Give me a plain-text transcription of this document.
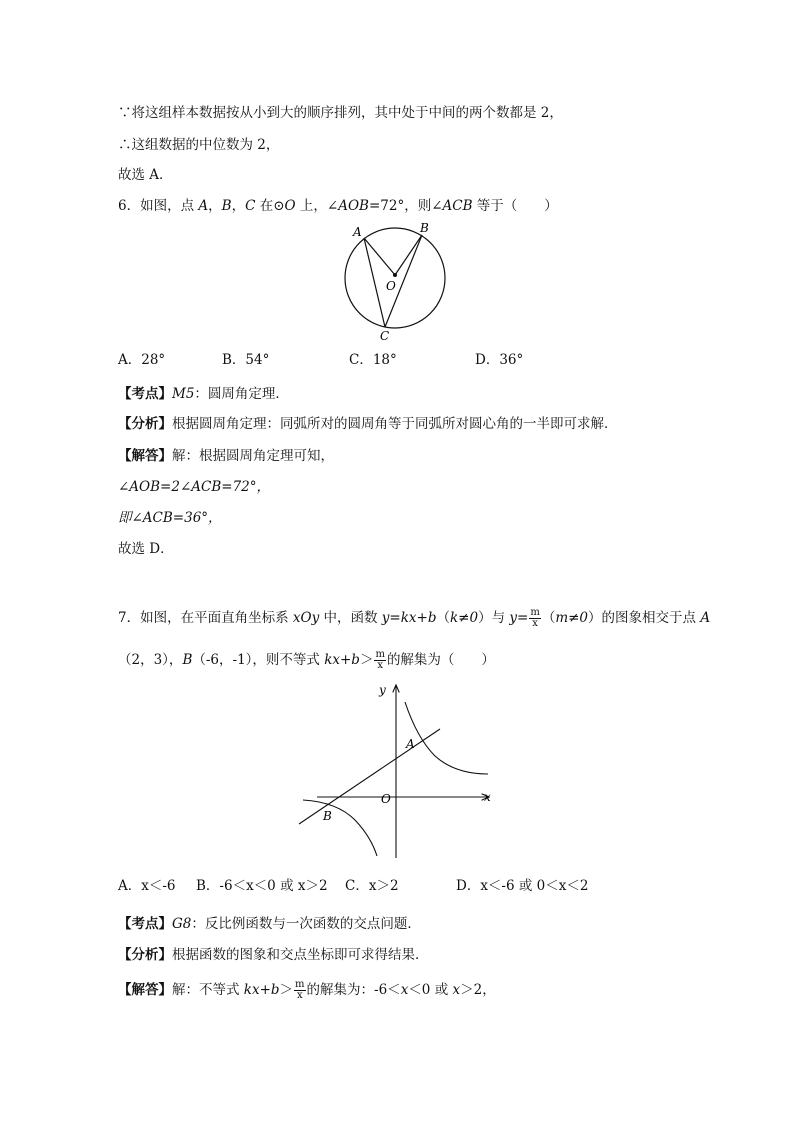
∵将这组样本数据按从小到大的顺序排列，其中处于中间的两个数都是 2，
∴这组数据的中位数为 2，
故选 A．
6．如图，点 A，B，C 在⊙O 上，∠AOB=72°，则∠ACB 等于（　　）
A	B
O
C
A．28°	B．54°	C．18°	D．36°
【考点】M5：圆周角定理．
【分析】根据圆周角定理：同弧所对的圆周角等于同弧所对圆心角的一半即可求解．
【解答】解：根据圆周角定理可知，
∠AOB=2∠ACB=72°，
即∠ACB=36°，
故选 D．
7．如图，在平面直角坐标系 xOy 中，函数 y=kx+b（k≠0）与 $y= \frac{m}{x} (m\ne 0)$的图象相交于点 A
（2，3），B（-6，-1），则不等式 $kx+b> \frac{m}{x}$ 的解集为（　　）
y
x
O
A
B
A．x＜-6 B．-6＜x＜0 或 x＞2 C．x＞2	D．x＜-6 或 0＜x＜2
【考点】G8：反比例函数与一次函数的交点问题．
【分析】根据函数的图象和交点坐标即可求得结果．
【解答】解：不等式 $kx+b> \frac{m}{x}$ 的解集为：-6＜x＜0 或 x＞2，
